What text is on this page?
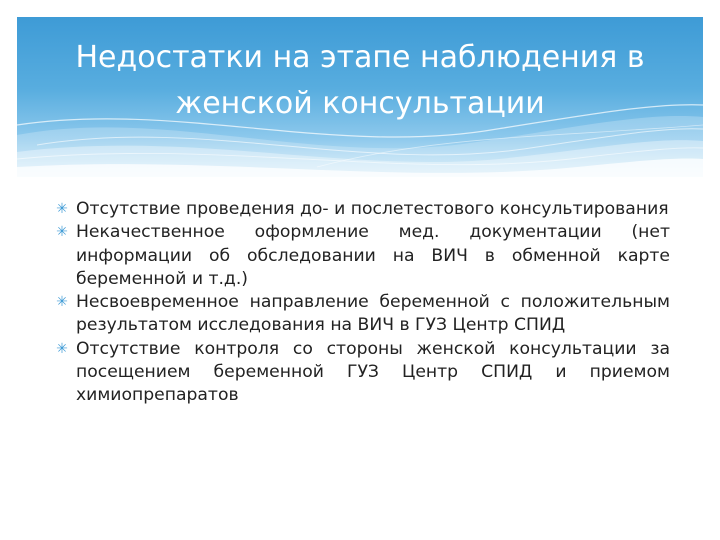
Недостатки на этапе наблюдения в
женской консультации
✳ Отсутствие проведения до- и послетестового консультирования
✳ Некачественное оформление мед. документации (нет информации об обследовании на ВИЧ в обменной карте беременной и т.д.)
✳ Несвоевременное направление беременной с положительным результатом исследования на ВИЧ в ГУЗ Центр СПИД
✳ Отсутствие контроля со стороны женской консультации за посещением беременной ГУЗ Центр СПИД и приемом химиопрепаратов
